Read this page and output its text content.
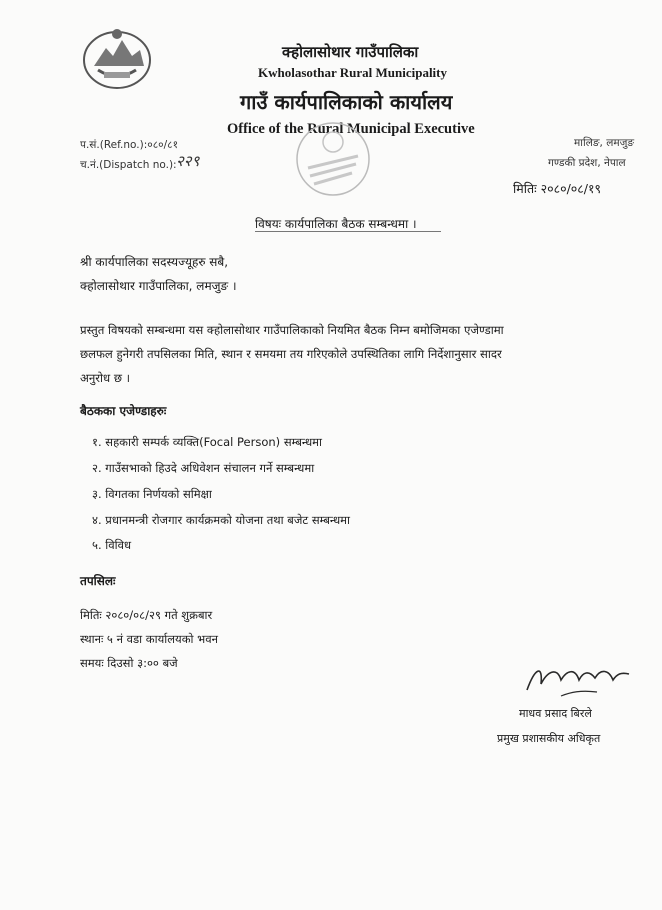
क्होलासोथार गाउँपालिका
Kwholasothar Rural Municipality
गाउँ कार्यपालिकाको कार्यालय
Office of the Rural Municipal Executive
प.सं.(Ref.no.):०८०/८१
च.नं.(Dispatch no.): २२९
मालिङ, लमजुङ
गण्डकी प्रदेश, नेपाल
मितिः २०८०/०८/१९
विषयः कार्यपालिका बैठक सम्बन्धमा ।
श्री कार्यपालिका सदस्यज्यूहरु सबै,
क्होलासोथार गाउँपालिका, लमजुङ ।
प्रस्तुत विषयको सम्बन्धमा यस क्होलासोथार गाउँपालिकाको नियमित बैठक निम्न बमोजिमका एजेण्डामा
छलफल हुनेगरी तपसिलका मिति, स्थान र समयमा तय गरिएकोले उपस्थितिका लागि निर्देशानुसार सादर
अनुरोध छ ।
बैठकका एजेण्डाहरुः
१. सहकारी सम्पर्क व्यक्ति(Focal Person) सम्बन्धमा
२. गाउँसभाको हिउदे अधिवेशन संचालन गर्ने सम्बन्धमा
३. विगतका निर्णयको समिक्षा
४. प्रधानमन्त्री रोजगार कार्यक्रमको योजना तथा बजेट सम्बन्धमा
५. विविध
तपसिलः
मितिः २०८०/०८/२९ गते शुक्रबार
स्थानः ५ नं वडा कार्यालयको भवन
समयः दिउसो ३:०० बजे
माधव प्रसाद बिरले
प्रमुख प्रशासकीय अधिकृत
